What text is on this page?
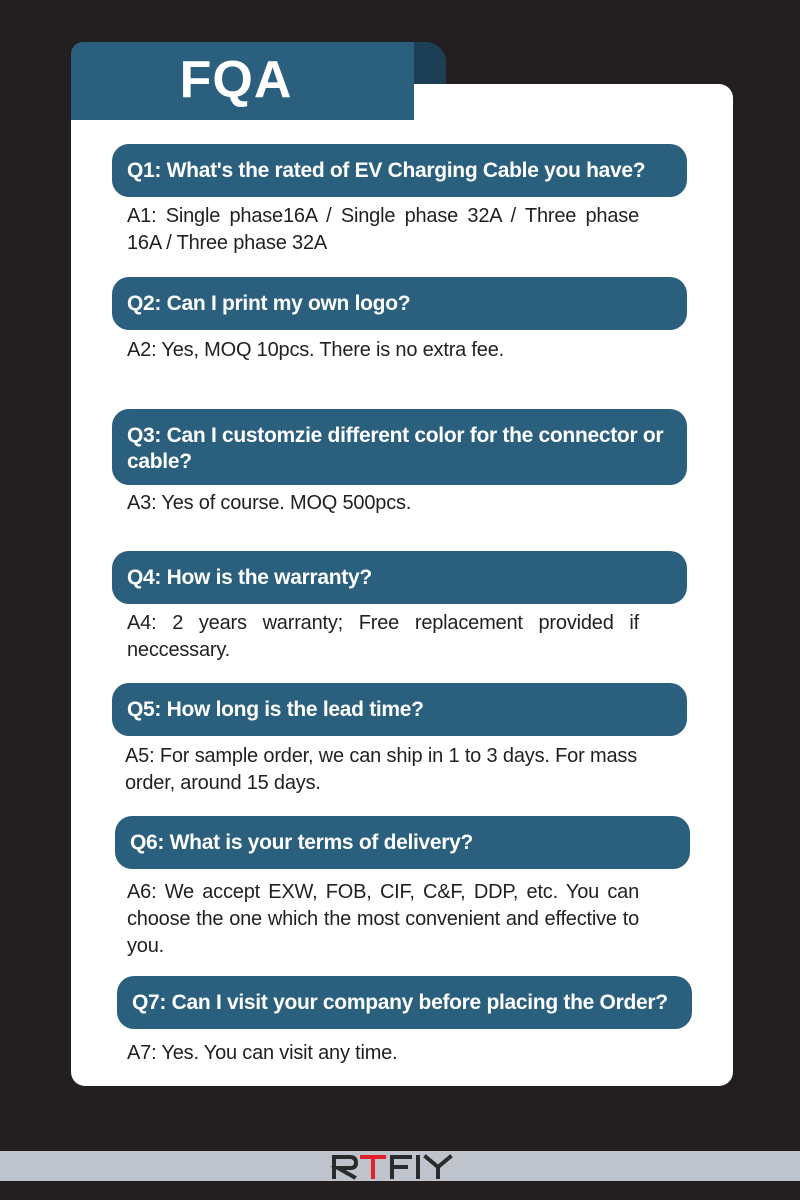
FQA
Q1: What's the rated of EV Charging Cable you have?
A1: Single phase16A / Single phase 32A / Three phase 16A / Three phase 32A
Q2: Can I print my own logo?
A2: Yes, MOQ 10pcs. There is no extra fee.
Q3: Can I customzie different color for the connector or cable?
A3: Yes of course. MOQ 500pcs.
Q4: How is the warranty?
A4: 2 years warranty; Free replacement provided if neccessary.
Q5: How long is the lead time?
A5: For sample order, we can ship in 1 to 3 days. For mass order, around 15 days.
Q6: What is your terms of delivery?
A6: We accept EXW, FOB, CIF, C&F, DDP, etc. You can choose the one which the most convenient and effective to you.
Q7: Can I visit your company before placing the Order?
A7: Yes. You can visit any time.
RTFIY
